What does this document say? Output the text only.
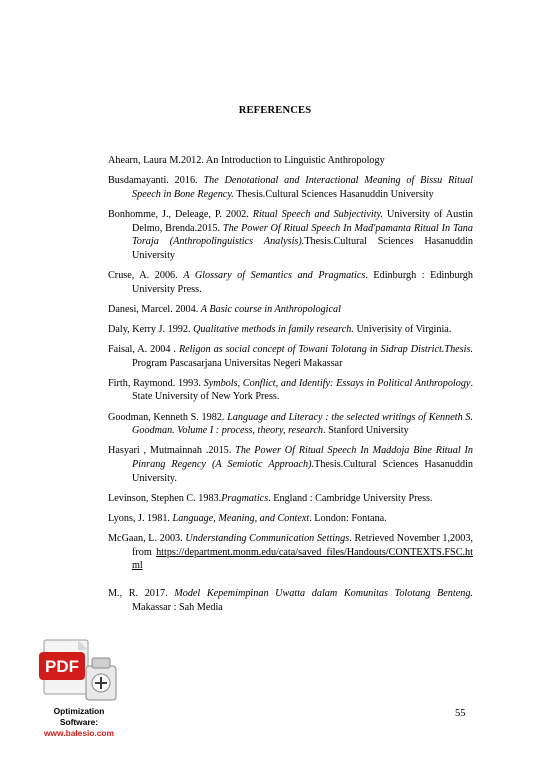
REFERENCES

Ahearn, Laura M.2012. An Introduction to Linguistic Anthropology

Busdamayanti. 2016. The Denotational and Interactional Meaning of Bissu Ritual Speech in Bone Regency. Thesis.Cultural Sciences Hasanuddin University

Bonhomme, J., Deleage, P. 2002. Ritual Speech and Subjectivity. University of Austin Delmo, Brenda.2015. The Power Of Ritual Speech In Mađ'pamanta Ritual In Tana Toraja (Anthropolinguistics Analysis).Thesis.Cultural Sciences Hasanuddin University

Cruse, A. 2006. A Glossary of Semantics and Pragmatics. Edinburgh : Edinburgh University Press.

Danesi, Marcel. 2004. A Basic course in Anthropological

Daly, Kerry J. 1992. Qualitative methods in family research. Univerisity of Virginia.

Faisal, A. 2004 . Religon as social concept of Towani Tolotang in Sidrap District.Thesis. Program Pascasarjana Universitas Negeri Makassar

Firth, Raymond. 1993. Symbols, Conflict, and Identify: Essays in Political Anthropology. State University of New York Press.

Goodman, Kenneth S. 1982. Language and Literacy : the selected writings of Kenneth S. Goodman. Volume I : process, theory, research. Stanford University

Hasyari , Mutmainnah .2015. The Power Of Ritual Speech In Maddoja Bine Ritual In Pinrang Regency (A Semiotic Approach).Thesis.Cultural Sciences Hasanuddin University.

Levinson, Stephen C. 1983.Pragmatics. England : Cambridge University Press.

Lyons, J. 1981. Language, Meaning, and Context. London: Fontana.

McGaan, L. 2003. Understanding Communication Settings. Retrieved November 1,2003, from https://department.monm.edu/cata/saved_files/Handouts/CONTEXTS.FSC.html

M., R. 2017. Model Kepemimpinan Uwatta dalam Komunitas Tolotang Benteng. Makassar : Sah Media

PDF
Optimization Software:
www.balesio.com
55
